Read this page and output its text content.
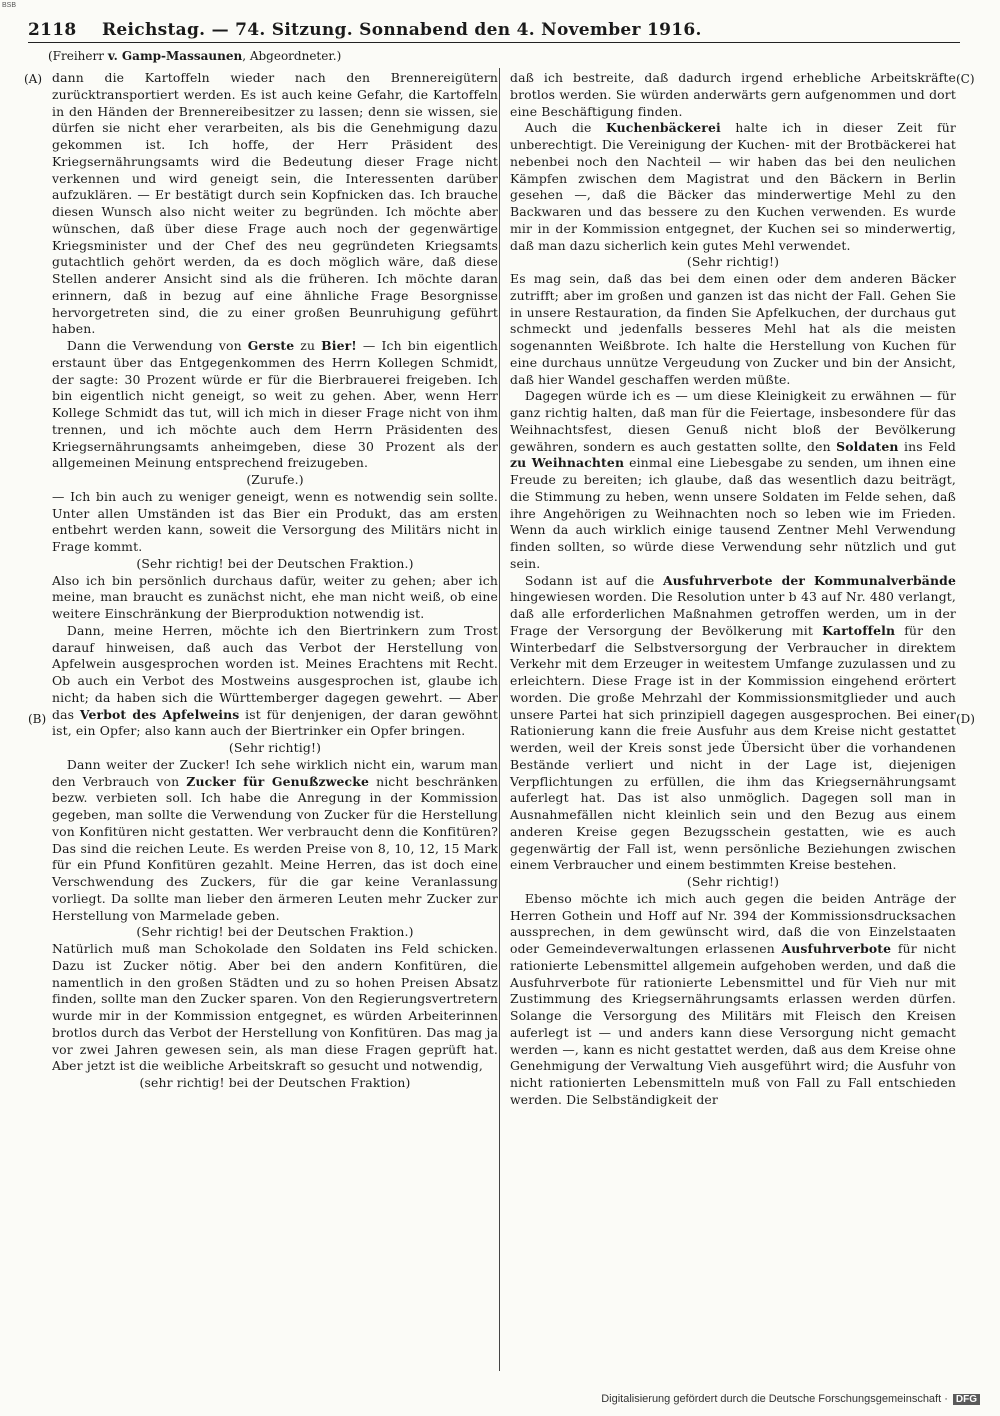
BSB
2118 Reichstag. — 74. Sitzung. Sonnabend den 4. November 1916.
(Freiherr v. Gamp-Massaunen, Abgeordneter.)
(A)
(B)
(C)
(D)

dann die Kartoffeln wieder nach den Brennereigütern zurücktransportiert werden. Es ist auch keine Gefahr, die Kartoffeln in den Händen der Brennereibesitzer zu lassen; denn sie wissen, sie dürfen sie nicht eher verarbeiten, als bis die Genehmigung dazu gekommen ist. Ich hoffe, der Herr Präsident des Kriegsernährungsamts wird die Bedeutung dieser Frage nicht verkennen und wird geneigt sein, die Interessenten darüber aufzuklären. — Er bestätigt durch sein Kopfnicken das. Ich brauche diesen Wunsch also nicht weiter zu begründen. Ich möchte aber wünschen, daß über diese Frage auch noch der gegenwärtige Kriegsminister und der Chef des neu gegründeten Kriegsamts gutachtlich gehört werden, da es doch möglich wäre, daß diese Stellen anderer Ansicht sind als die früheren. Ich möchte daran erinnern, daß in bezug auf eine ähnliche Frage Besorgnisse hervorgetreten sind, die zu einer großen Beunruhigung geführt haben.

Dann die Verwendung von Gerste zu Bier! — Ich bin eigentlich erstaunt über das Entgegenkommen des Herrn Kollegen Schmidt, der sagte: 30 Prozent würde er für die Bierbrauerei freigeben. Ich bin eigentlich nicht geneigt, so weit zu gehen. Aber, wenn Herr Kollege Schmidt das tut, will ich mich in dieser Frage nicht von ihm trennen, und ich möchte auch dem Herrn Präsidenten des Kriegsernährungsamts anheimgeben, diese 30 Prozent als der allgemeinen Meinung entsprechend freizugeben.

(Zurufe.)

— Ich bin auch zu weniger geneigt, wenn es notwendig sein sollte. Unter allen Umständen ist das Bier ein Produkt, das am ersten entbehrt werden kann, soweit die Versorgung des Militärs nicht in Frage kommt.

(Sehr richtig! bei der Deutschen Fraktion.)

Also ich bin persönlich durchaus dafür, weiter zu gehen; aber ich meine, man braucht es zunächst nicht, ehe man nicht weiß, ob eine weitere Einschränkung der Bierproduktion notwendig ist.

Dann, meine Herren, möchte ich den Biertrinkern zum Trost darauf hinweisen, daß auch das Verbot der Herstellung von Apfelwein ausgesprochen worden ist. Meines Erachtens mit Recht. Ob auch ein Verbot des Mostweins ausgesprochen ist, glaube ich nicht; da haben sich die Württemberger dagegen gewehrt. — Aber das Verbot des Apfelweins ist für denjenigen, der daran gewöhnt ist, ein Opfer; also kann auch der Biertrinker ein Opfer bringen.

(Sehr richtig!)

Dann weiter der Zucker! Ich sehe wirklich nicht ein, warum man den Verbrauch von Zucker für Genußzwecke nicht beschränken bezw. verbieten soll. Ich habe die Anregung in der Kommission gegeben, man sollte die Verwendung von Zucker für die Herstellung von Konfitüren nicht gestatten. Wer verbraucht denn die Konfitüren? Das sind die reichen Leute. Es werden Preise von 8, 10, 12, 15 Mark für ein Pfund Konfitüren gezahlt. Meine Herren, das ist doch eine Verschwendung des Zuckers, für die gar keine Veranlassung vorliegt. Da sollte man lieber den ärmeren Leuten mehr Zucker zur Herstellung von Marmelade geben.

(Sehr richtig! bei der Deutschen Fraktion.)

Natürlich muß man Schokolade den Soldaten ins Feld schicken. Dazu ist Zucker nötig. Aber bei den andern Konfitüren, die namentlich in den großen Städten und zu so hohen Preisen Absatz finden, sollte man den Zucker sparen. Von den Regierungsvertretern wurde mir in der Kommission entgegnet, es würden Arbeiterinnen brotlos durch das Verbot der Herstellung von Konfitüren. Das mag ja vor zwei Jahren gewesen sein, als man diese Fragen geprüft hat. Aber jetzt ist die weibliche Arbeitskraft so gesucht und notwendig,

(sehr richtig! bei der Deutschen Fraktion)

daß ich bestreite, daß dadurch irgend erhebliche Arbeitskräfte brotlos werden. Sie würden anderwärts gern aufgenommen und dort eine Beschäftigung finden.

Auch die Kuchenbäckerei halte ich in dieser Zeit für unberechtigt. Die Vereinigung der Kuchen- mit der Brotbäckerei hat nebenbei noch den Nachteil — wir haben das bei den neulichen Kämpfen zwischen dem Magistrat und den Bäckern in Berlin gesehen —, daß die Bäcker das minderwertige Mehl zu den Backwaren und das bessere zu den Kuchen verwenden. Es wurde mir in der Kommission entgegnet, der Kuchen sei so minderwertig, daß man dazu sicherlich kein gutes Mehl verwendet.

(Sehr richtig!)

Es mag sein, daß das bei dem einen oder dem anderen Bäcker zutrifft; aber im großen und ganzen ist das nicht der Fall. Gehen Sie in unsere Restauration, da finden Sie Apfelkuchen, der durchaus gut schmeckt und jedenfalls besseres Mehl hat als die meisten sogenannten Weißbrote. Ich halte die Herstellung von Kuchen für eine durchaus unnütze Vergeudung von Zucker und bin der Ansicht, daß hier Wandel geschaffen werden müßte.

Dagegen würde ich es — um diese Kleinigkeit zu erwähnen — für ganz richtig halten, daß man für die Feiertage, insbesondere für das Weihnachtsfest, diesen Genuß nicht bloß der Bevölkerung gewähren, sondern es auch gestatten sollte, den Soldaten ins Feld zu Weihnachten einmal eine Liebesgabe zu senden, um ihnen eine Freude zu bereiten; ich glaube, daß das wesentlich dazu beiträgt, die Stimmung zu heben, wenn unsere Soldaten im Felde sehen, daß ihre Angehörigen zu Weihnachten noch so leben wie im Frieden. Wenn da auch wirklich einige tausend Zentner Mehl Verwendung finden sollten, so würde diese Verwendung sehr nützlich und gut sein.

Sodann ist auf die Ausfuhrverbote der Kommunalverbände hingewiesen worden. Die Resolution unter b 43 auf Nr. 480 verlangt, daß alle erforderlichen Maßnahmen getroffen werden, um in der Frage der Versorgung der Bevölkerung mit Kartoffeln für den Winterbedarf die Selbstversorgung der Verbraucher in direktem Verkehr mit dem Erzeuger in weitestem Umfange zuzulassen und zu erleichtern. Diese Frage ist in der Kommission eingehend erörtert worden. Die große Mehrzahl der Kommissionsmitglieder und auch unsere Partei hat sich prinzipiell dagegen ausgesprochen. Bei einer Rationierung kann die freie Ausfuhr aus dem Kreise nicht gestattet werden, weil der Kreis sonst jede Übersicht über die vorhandenen Bestände verliert und nicht in der Lage ist, diejenigen Verpflichtungen zu erfüllen, die ihm das Kriegsernährungsamt auferlegt hat. Das ist also unmöglich. Dagegen soll man in Ausnahmefällen nicht kleinlich sein und den Bezug aus einem anderen Kreise gegen Bezugsschein gestatten, wie es auch gegenwärtig der Fall ist, wenn persönliche Beziehungen zwischen einem Verbraucher und einem bestimmten Kreise bestehen.

(Sehr richtig!)

Ebenso möchte ich mich auch gegen die beiden Anträge der Herren Gothein und Hoff auf Nr. 394 der Kommissionsdrucksachen aussprechen, in dem gewünscht wird, daß die von Einzelstaaten oder Gemeindeverwaltungen erlassenen Ausfuhrverbote für nicht rationierte Lebensmittel allgemein aufgehoben werden, und daß die Ausfuhrverbote für rationierte Lebensmittel und für Vieh nur mit Zustimmung des Kriegsernährungsamts erlassen werden dürfen. Solange die Versorgung des Militärs mit Fleisch den Kreisen auferlegt ist — und anders kann diese Versorgung nicht gemacht werden —, kann es nicht gestattet werden, daß aus dem Kreise ohne Genehmigung der Verwaltung Vieh ausgeführt wird; die Ausfuhr von nicht rationierten Lebensmitteln muß von Fall zu Fall entschieden werden. Die Selbständigkeit der

Digitalisierung gefördert durch die Deutsche Forschungsgemeinschaft · DFG
